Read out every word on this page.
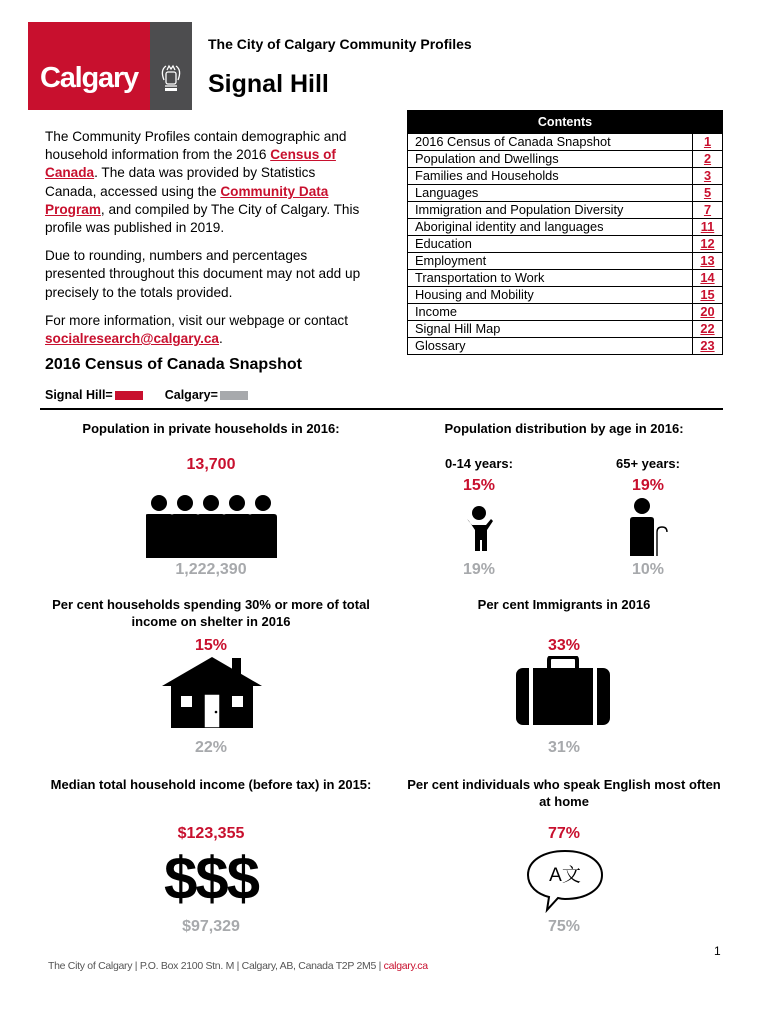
Calgary
The City of Calgary Community Profiles
Signal Hill

The Community Profiles contain demographic and household information from the 2016 Census of Canada. The data was provided by Statistics Canada, accessed using the Community Data Program, and compiled by The City of Calgary. This profile was published in 2019.

Due to rounding, numbers and percentages presented throughout this document may not add up precisely to the totals provided.

For more information, visit our webpage or contact socialresearch@calgary.ca.

Contents
2016 Census of Canada Snapshot	1
Population and Dwellings	2
Families and Households	3
Languages	5
Immigration and Population Diversity	7
Aboriginal identity and languages	11
Education	12
Employment	13
Transportation to Work	14
Housing and Mobility	15
Income	20
Signal Hill Map	22
Glossary	23
2016 Census of Canada Snapshot
Signal Hill=	Calgary=
Population in private households in 2016:
13,700
1,222,390
Population distribution by age in 2016:
0-14 years:	65+ years:
15%	19%
19%	10%
Per cent households spending 30% or more of total income on shelter in 2016
15%
22%
Per cent Immigrants in 2016
33%
31%
Median total household income (before tax) in 2015:
$123,355
$$$
$97,329
Per cent individuals who speak English most often at home
77%
A文
75%
1
The City of Calgary | P.O. Box 2100 Stn. M | Calgary, AB, Canada T2P 2M5 | calgary.ca
